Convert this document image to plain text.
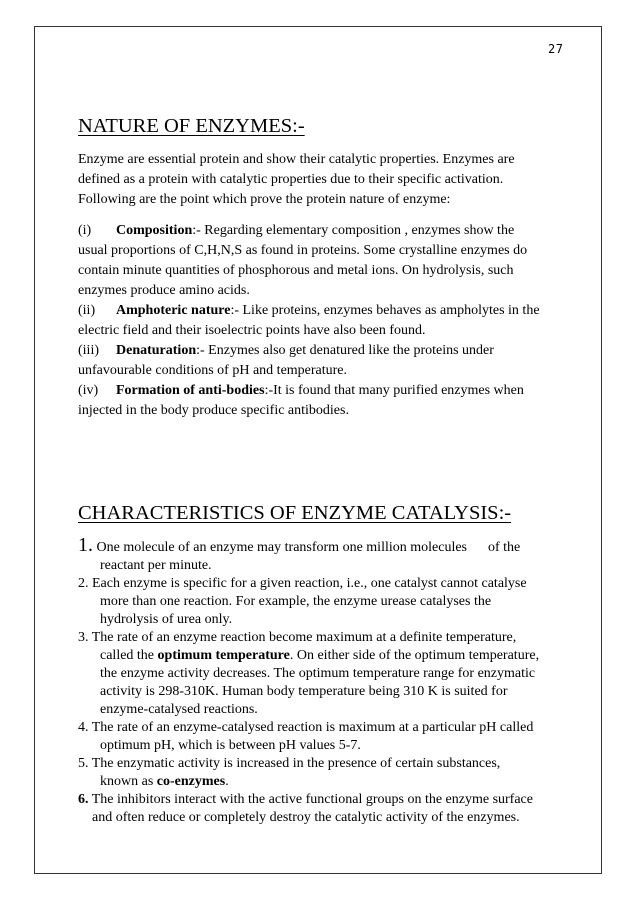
27
NATURE OF ENZYMES:-

Enzyme are essential protein and show their catalytic properties. Enzymes are

defined as a protein with catalytic properties due to their specific activation.

Following are the point which prove the protein nature of enzyme:

(i) Composition:- Regarding elementary composition , enzymes show the

usual proportions of C,H,N,S as found in proteins. Some crystalline enzymes do

contain minute quantities of phosphorous and metal ions. On hydrolysis, such

enzymes produce amino acids.

(ii) Amphoteric nature:- Like proteins, enzymes behaves as ampholytes in the

electric field and their isoelectric points have also been found.

(iii) Denaturation:- Enzymes also get denatured like the proteins under

unfavourable conditions of pH and temperature.

(iv) Formation of anti-bodies:-It is found that many purified enzymes when

injected in the body produce specific antibodies.

CHARACTERISTICS OF ENZYME CATALYSIS:-
1. One molecule of an enzyme may transform one million molecules      of the
reactant per minute.
2. Each enzyme is specific for a given reaction, i.e., one catalyst cannot catalyse
more than one reaction. For example, the enzyme urease catalyses the
hydrolysis of urea only.
3. The rate of an enzyme reaction become maximum at a definite temperature,
called the optimum temperature. On either side of the optimum temperature,
the enzyme activity decreases. The optimum temperature range for enzymatic
activity is 298-310K. Human body temperature being 310 K is suited for
enzyme-catalysed reactions.
4. The rate of an enzyme-catalysed reaction is maximum at a particular pH called
optimum pH, which is between pH values 5-7.
5. The enzymatic activity is increased in the presence of certain substances,
known as co-enzymes.
6. The inhibitors interact with the active functional groups on the enzyme surface
and often reduce or completely destroy the catalytic activity of the enzymes.
